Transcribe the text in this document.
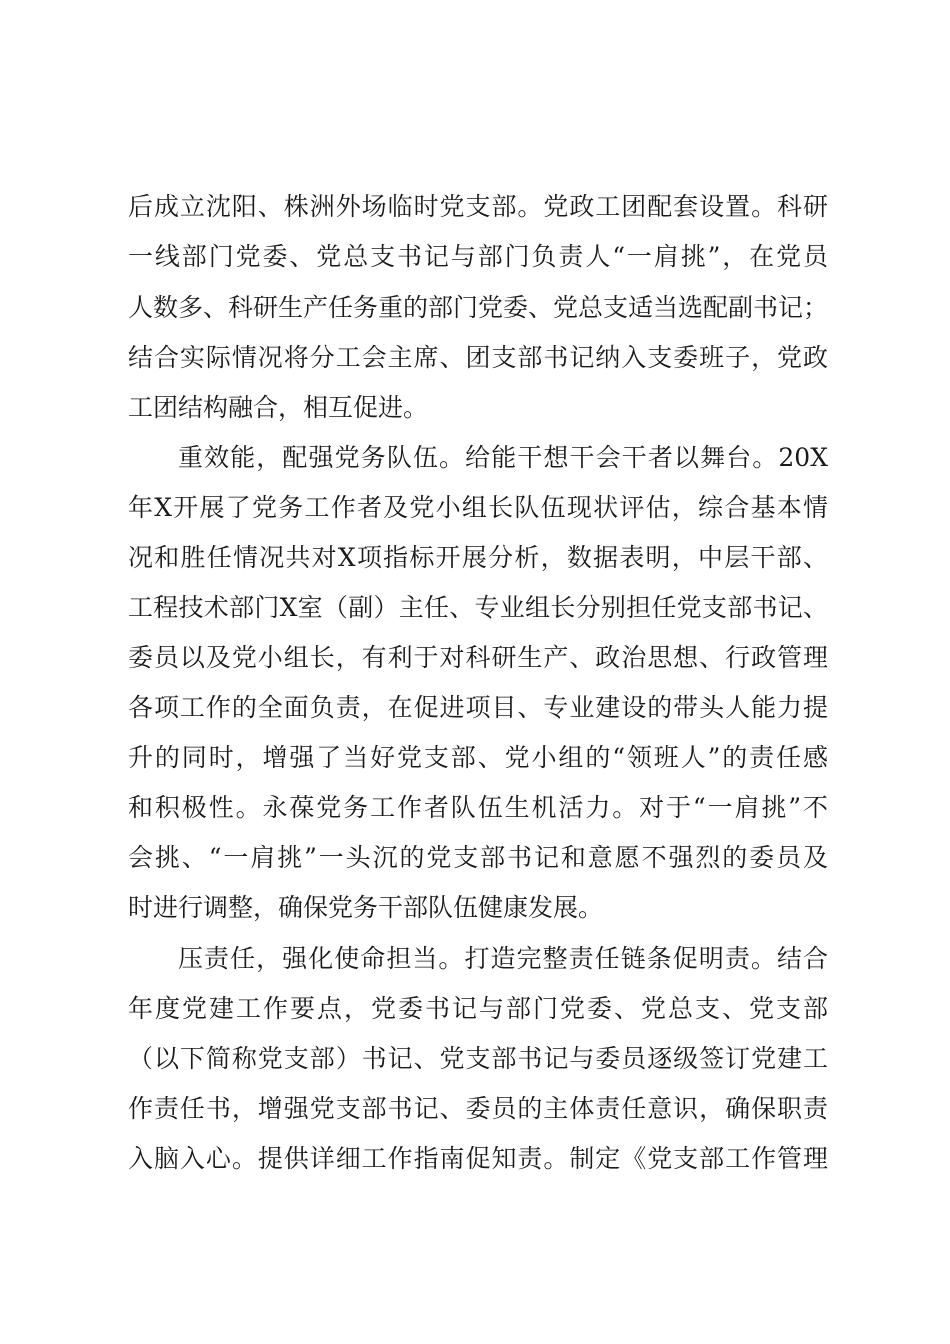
后成立沈阳、株洲外场临时党支部。党政工团配套设置。科研
一线部门党委、党总支书记与部门负责人“一肩挑”，在党员
人数多、科研生产任务重的部门党委、党总支适当选配副书记；
结合实际情况将分工会主席、团支部书记纳入支委班子，党政
工团结构融合，相互促进。
重效能，配强党务队伍。给能干想干会干者以舞台。20X
年X开展了党务工作者及党小组长队伍现状评估，综合基本情
况和胜任情况共对X项指标开展分析，数据表明，中层干部、
工程技术部门X室（副）主任、专业组长分别担任党支部书记、
委员以及党小组长，有利于对科研生产、政治思想、行政管理
各项工作的全面负责，在促进项目、专业建设的带头人能力提
升的同时，增强了当好党支部、党小组的“领班人”的责任感
和积极性。永葆党务工作者队伍生机活力。对于“一肩挑”不
会挑、“一肩挑”一头沉的党支部书记和意愿不强烈的委员及
时进行调整，确保党务干部队伍健康发展。
压责任，强化使命担当。打造完整责任链条促明责。结合
年度党建工作要点，党委书记与部门党委、党总支、党支部
（以下简称党支部）书记、党支部书记与委员逐级签订党建工
作责任书，增强党支部书记、委员的主体责任意识，确保职责
入脑入心。提供详细工作指南促知责。制定《党支部工作管理
